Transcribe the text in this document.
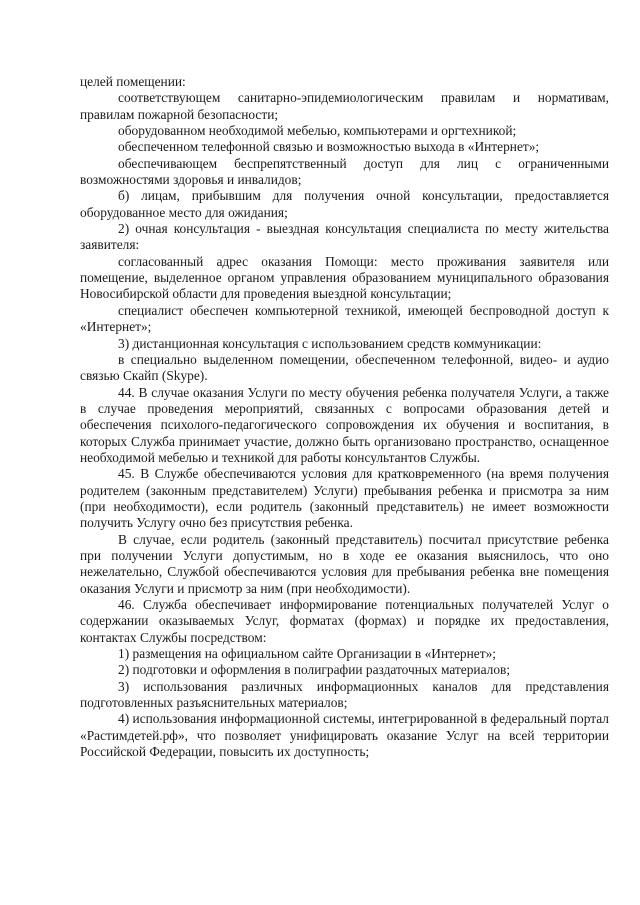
целей помещении:

соответствующем санитарно-эпидемиологическим правилам и нормативам, правилам пожарной безопасности;

оборудованном необходимой мебелью, компьютерами и оргтехникой;

обеспеченном телефонной связью и возможностью выхода в «Интернет»;

обеспечивающем беспрепятственный доступ для лиц с ограниченными возможностями здоровья и инвалидов;

б) лицам, прибывшим для получения очной консультации, предоставляется оборудованное место для ожидания;

2) очная консультация - выездная консультация специалиста по месту жительства заявителя:

согласованный адрес оказания Помощи: место проживания заявителя или помещение, выделенное органом управления образованием муниципального образования Новосибирской области для проведения выездной консультации;

специалист обеспечен компьютерной техникой, имеющей беспроводной доступ к «Интернет»;

3) дистанционная консультация с использованием средств коммуникации:

в специально выделенном помещении, обеспеченном телефонной, видео- и аудио связью Скайп (Skype).

44. В случае оказания Услуги по месту обучения ребенка получателя Услуги, а также в случае проведения мероприятий, связанных с вопросами образования детей и обеспечения психолого-педагогического сопровождения их обучения и воспитания, в которых Служба принимает участие, должно быть организовано пространство, оснащенное необходимой мебелью и техникой для работы консультантов Службы.

45. В Службе обеспечиваются условия для кратковременного (на время получения родителем (законным представителем) Услуги) пребывания ребенка и присмотра за ним (при необходимости), если родитель (законный представитель) не имеет возможности получить Услугу очно без присутствия ребенка.

В случае, если родитель (законный представитель) посчитал присутствие ребенка при получении Услуги допустимым, но в ходе ее оказания выяснилось, что оно нежелательно, Службой обеспечиваются условия для пребывания ребенка вне помещения оказания Услуги и присмотр за ним (при необходимости).

46. Служба обеспечивает информирование потенциальных получателей Услуг о содержании оказываемых Услуг, форматах (формах) и порядке их предоставления, контактах Службы посредством:

1) размещения на официальном сайте Организации в «Интернет»;

2) подготовки и оформления в полиграфии раздаточных материалов;

3) использования различных информационных каналов для представления подготовленных разъяснительных материалов;

4) использования информационной системы, интегрированной в федеральный портал «Растимдетей.рф», что позволяет унифицировать оказание Услуг на всей территории Российской Федерации, повысить их доступность;
